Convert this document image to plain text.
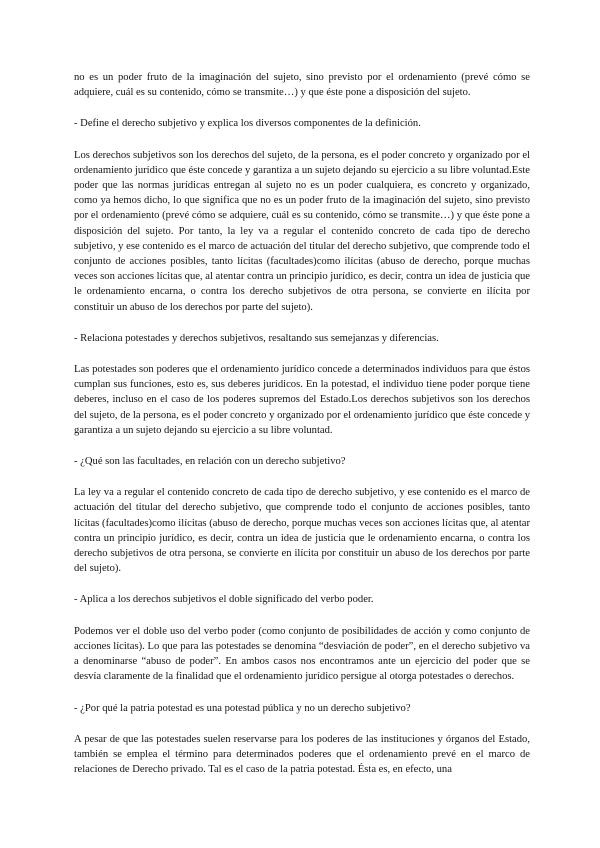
no es un poder fruto de la imaginación del sujeto, sino previsto por el ordenamiento (prevé cómo se adquiere, cuál es su contenido, cómo se transmite…) y que éste pone a disposición del sujeto.

- Define el derecho subjetivo y explica los diversos componentes de la definición.

Los derechos subjetivos son los derechos del sujeto, de la persona, es el poder concreto y organizado por el ordenamiento jurídico que éste concede y garantiza a un sujeto dejando su ejercicio a su libre voluntad.Este poder que las normas jurídicas entregan al sujeto no es un poder cualquiera, es concreto y organizado, como ya hemos dicho, lo que significa que no es un poder fruto de la imaginación del sujeto, sino previsto por el ordenamiento (prevé cómo se adquiere, cuál es su contenido, cómo se transmite…) y que éste pone a disposición del sujeto. Por tanto, la ley va a regular el contenido concreto de cada tipo de derecho subjetivo, y ese contenido es el marco de actuación del titular del derecho subjetivo, que comprende todo el conjunto de acciones posibles, tanto lícitas (facultades)como ilícitas (abuso de derecho, porque muchas veces son acciones lícitas que, al atentar contra un principio jurídico, es decir, contra un idea de justicia que le ordenamiento encarna, o contra los derecho subjetivos de otra persona, se convierte en ilícita por constituir un abuso de los derechos por parte del sujeto).

- Relaciona potestades y derechos subjetivos, resaltando sus semejanzas y diferencias.

Las potestades son poderes que el ordenamiento jurídico concede a determinados individuos para que éstos cumplan sus funciones, esto es, sus deberes jurídicos. En la potestad, el individuo tiene poder porque tiene deberes, incluso en el caso de los poderes supremos del Estado.Los derechos subjetivos son los derechos del sujeto, de la persona, es el poder concreto y organizado por el ordenamiento jurídico que éste concede y garantiza a un sujeto dejando su ejercicio a su libre voluntad.

- ¿Qué son las facultades, en relación con un derecho subjetivo?

La ley va a regular el contenido concreto de cada tipo de derecho subjetivo, y ese contenido es el marco de actuación del titular del derecho subjetivo, que comprende todo el conjunto de acciones posibles, tanto lícitas (facultades)como ilícitas (abuso de derecho, porque muchas veces son acciones lícitas que, al atentar contra un principio jurídico, es decir, contra un idea de justicia que le ordenamiento encarna, o contra los derecho subjetivos de otra persona, se convierte en ilícita por constituir un abuso de los derechos por parte del sujeto).

- Aplica a los derechos subjetivos el doble significado del verbo poder.

Podemos ver el doble uso del verbo poder (como conjunto de posibilidades de acción y como conjunto de acciones lícitas). Lo que para las potestades se denomina “desviación de poder”, en el derecho subjetivo va a denominarse “abuso de poder”. En ambos casos nos encontramos ante un ejercicio del poder que se desvía claramente de la finalidad que el ordenamiento jurídico persigue al otorga potestades o derechos.

- ¿Por qué la patria potestad es una potestad pública y no un derecho subjetivo?

A pesar de que las potestades suelen reservarse para los poderes de las instituciones y órganos del Estado, también se emplea el término para determinados poderes que el ordenamiento prevé en el marco de relaciones de Derecho privado. Tal es el caso de la patria potestad. Ésta es, en efecto, una
